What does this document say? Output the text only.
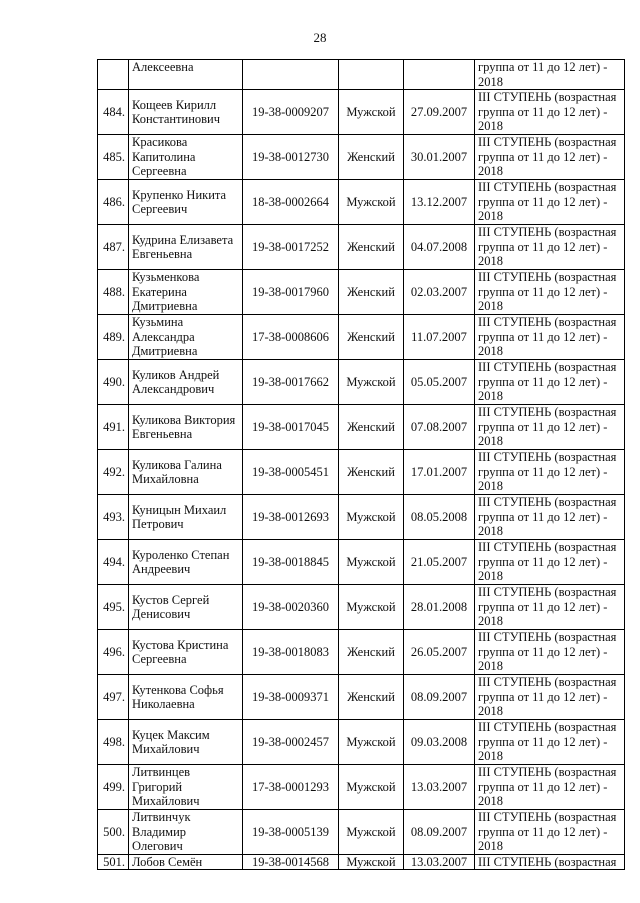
28
	Алексеевна				группа от 11 до 12 лет) -

2018

484.	Кощеев Кирилл Константинович	19-38-0009207	Мужской	27.09.2007	III СТУПЕНЬ (возрастная группа от 11 до 12 лет) -
2018

485.	Красикова Капитолина Сергеевна	19-38-0012730	Женский	30.01.2007	III СТУПЕНЬ (возрастная группа от 11 до 12 лет) -
2018

486.	Крупенко Никита Сергеевич	18-38-0002664	Мужской	13.12.2007	III СТУПЕНЬ (возрастная группа от 11 до 12 лет) -
2018

487.	Кудрина Елизавета Евгеньевна	19-38-0017252	Женский	04.07.2008	III СТУПЕНЬ (возрастная группа от 11 до 12 лет) -
2018

488.	Кузьменкова Екатерина Дмитриевна	19-38-0017960	Женский	02.03.2007	III СТУПЕНЬ (возрастная группа от 11 до 12 лет) -
2018

489.	Кузьмина Александра Дмитриевна	17-38-0008606	Женский	11.07.2007	III СТУПЕНЬ (возрастная группа от 11 до 12 лет) -
2018

490.	Куликов Андрей Александрович	19-38-0017662	Мужской	05.05.2007	III СТУПЕНЬ (возрастная группа от 11 до 12 лет) -
2018

491.	Куликова Виктория Евгеньевна	19-38-0017045	Женский	07.08.2007	III СТУПЕНЬ (возрастная группа от 11 до 12 лет) -
2018

492.	Куликова Галина Михайловна	19-38-0005451	Женский	17.01.2007	III СТУПЕНЬ (возрастная группа от 11 до 12 лет) -
2018

493.	Куницын Михаил Петрович	19-38-0012693	Мужской	08.05.2008	III СТУПЕНЬ (возрастная группа от 11 до 12 лет) -
2018

494.	Куроленко Степан Андреевич	19-38-0018845	Мужской	21.05.2007	III СТУПЕНЬ (возрастная группа от 11 до 12 лет) -
2018

495.	Кустов Сергей Денисович	19-38-0020360	Мужской	28.01.2008	III СТУПЕНЬ (возрастная группа от 11 до 12 лет) -
2018

496.	Кустова Кристина Сергеевна	19-38-0018083	Женский	26.05.2007	III СТУПЕНЬ (возрастная группа от 11 до 12 лет) -
2018

497.	Кутенкова Софья Николаевна	19-38-0009371	Женский	08.09.2007	III СТУПЕНЬ (возрастная группа от 11 до 12 лет) -
2018

498.	Куцек Максим Михайлович	19-38-0002457	Мужской	09.03.2008	III СТУПЕНЬ (возрастная группа от 11 до 12 лет) -
2018

499.	Литвинцев Григорий Михайлович	17-38-0001293	Мужской	13.03.2007	III СТУПЕНЬ (возрастная группа от 11 до 12 лет) -
2018

500.	Литвинчук Владимир Олегович	19-38-0005139	Мужской	08.09.2007	III СТУПЕНЬ (возрастная группа от 11 до 12 лет) -
2018

501.	Лобов Семён	19-38-0014568	Мужской	13.03.2007	III СТУПЕНЬ (возрастная
